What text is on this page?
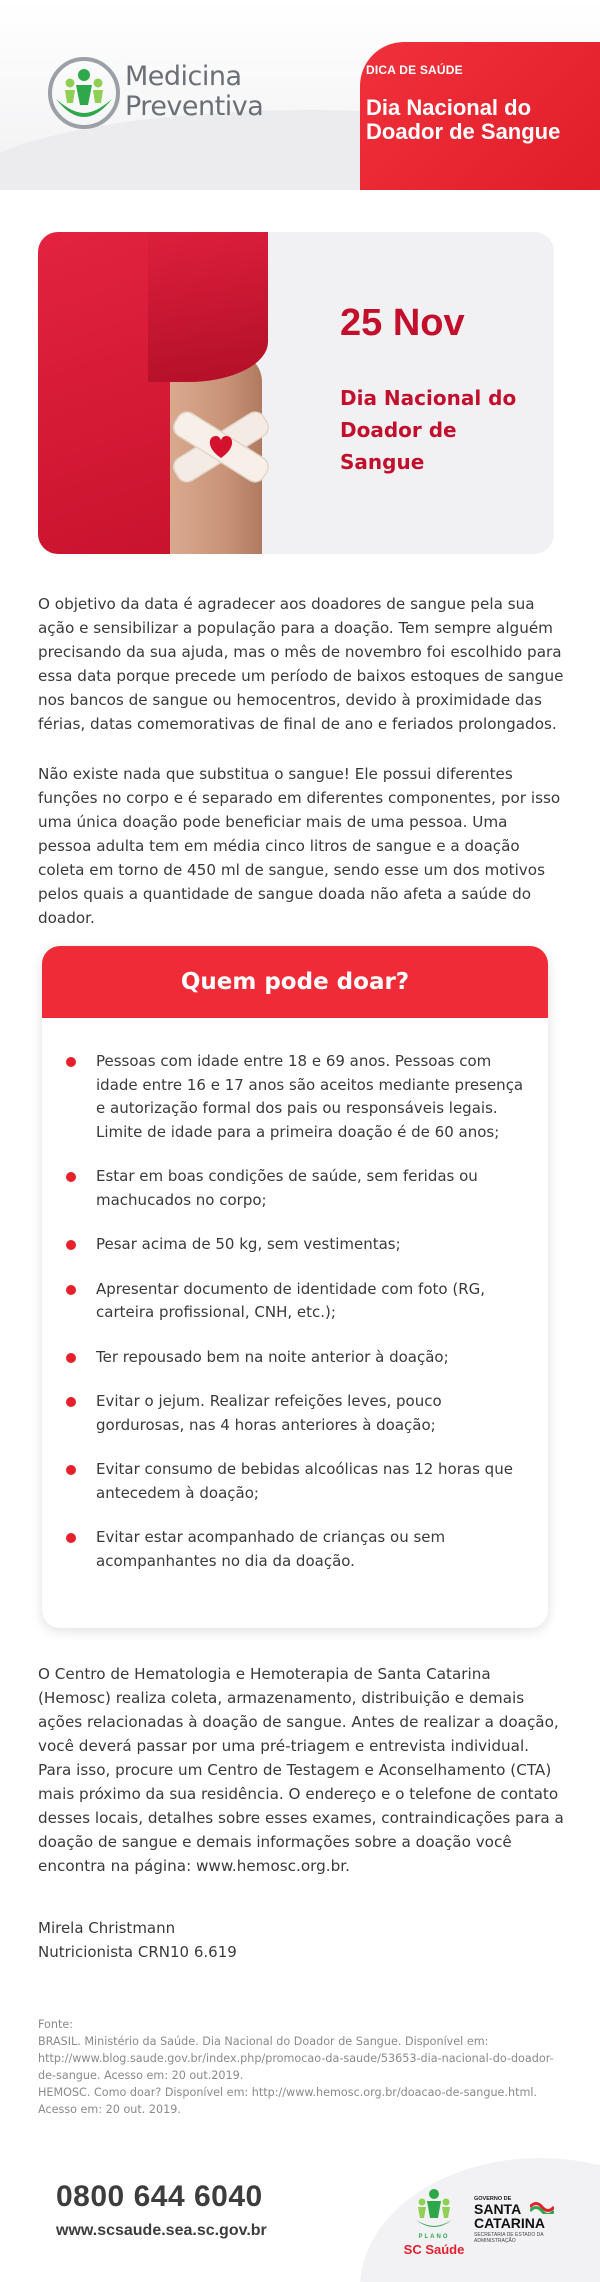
Medicina
Preventiva
DICA DE SAÚDE
Dia Nacional do Doador de Sangue
25 Nov
Dia Nacional do Doador de Sangue

O objetivo da data é agradecer aos doadores de sangue pela sua ação e sensibilizar a população para a doação. Tem sempre alguém precisando da sua ajuda, mas o mês de novembro foi escolhido para essa data porque precede um período de baixos estoques de sangue nos bancos de sangue ou hemocentros, devido à proximidade das férias, datas comemorativas de final de ano e feriados prolongados.

Não existe nada que substitua o sangue! Ele possui diferentes funções no corpo e é separado em diferentes componentes, por isso uma única doação pode beneficiar mais de uma pessoa. Uma pessoa adulta tem em média cinco litros de sangue e a doação coleta em torno de 450 ml de sangue, sendo esse um dos motivos pelos quais a quantidade de sangue doada não afeta a saúde do doador.

Quem pode doar?
Pessoas com idade entre 18 e 69 anos. Pessoas com idade entre 16 e 17 anos são aceitos mediante presença e autorização formal dos pais ou responsáveis legais. Limite de idade para a primeira doação é de 60 anos;
Estar em boas condições de saúde, sem feridas ou machucados no corpo;
Pesar acima de 50 kg, sem vestimentas;
Apresentar documento de identidade com foto (RG, carteira profissional, CNH, etc.);
Ter repousado bem na noite anterior à doação;
Evitar o jejum. Realizar refeições leves, pouco gordurosas, nas 4 horas anteriores à doação;
Evitar consumo de bebidas alcoólicas nas 12 horas que antecedem à doação;
Evitar estar acompanhado de crianças ou sem acompanhantes no dia da doação.

O Centro de Hematologia e Hemoterapia de Santa Catarina (Hemosc) realiza coleta, armazenamento, distribuição e demais ações relacionadas à doação de sangue. Antes de realizar a doação, você deverá passar por uma pré-triagem e entrevista individual. Para isso, procure um Centro de Testagem e Aconselhamento (CTA) mais próximo da sua residência. O endereço e o telefone de contato desses locais, detalhes sobre esses exames, contraindicações para a doação de sangue e demais informações sobre a doação você encontra na página: www.hemosc.org.br.

Mirela Christmann
Nutricionista CRN10 6.619
Fonte:
BRASIL. Ministério da Saúde. Dia Nacional do Doador de Sangue. Disponível em: http://www.blog.saude.gov.br/index.php/promocao-da-saude/53653-dia-nacional-do-doador-de-sangue. Acesso em: 20 out.2019.
HEMOSC. Como doar? Disponível em: http://www.hemosc.org.br/doacao-de-sangue.html. Acesso em: 20 out. 2019.
0800 644 6040
www.scsaude.sea.sc.gov.br	PLANO
SC Saúde
GOVERNO DE
SANTA
CATARINA
SECRETARIA DE ESTADO DA ADMINISTRAÇÃO
